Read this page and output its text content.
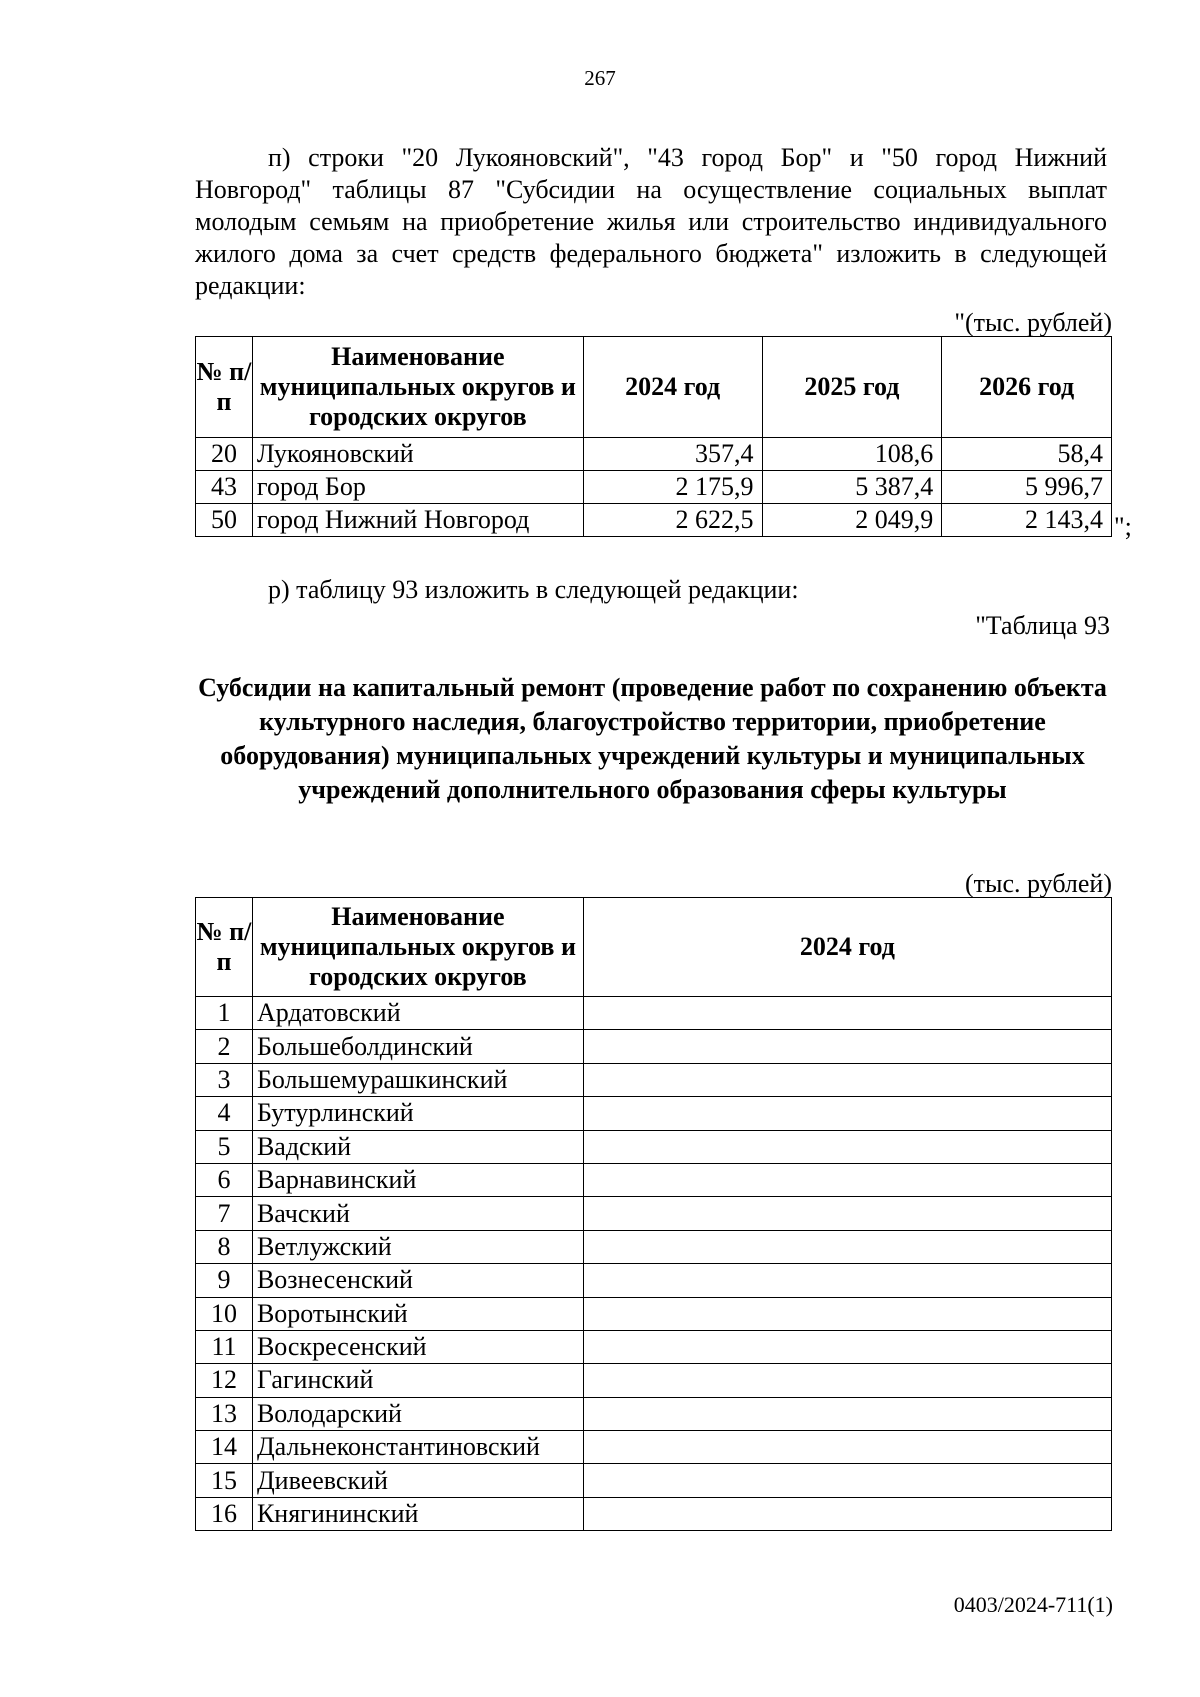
267
п) строки "20 Лукояновский", "43 город Бор" и "50 город Нижний Новгород" таблицы 87 "Субсидии на осуществление социальных выплат молодым семьям на приобретение жилья или строительство индивидуального жилого дома за счет средств федерального бюджета" изложить в следующей редакции:
"(тыс. рублей)
№ п/п	Наименование муниципальных округов и городских округов	2024 год	2025 год	2026 год
20	Лукояновский	357,4	108,6	58,4
43	город Бор	2 175,9	5 387,4	5 996,7
50	город Нижний Новгород	2 622,5	2 049,9	2 143,4 ";
р) таблицу 93 изложить в следующей редакции:
"Таблица 93
Субсидии на капитальный ремонт (проведение работ по сохранению объекта культурного наследия, благоустройство территории, приобретение оборудования) муниципальных учреждений культуры и муниципальных учреждений дополнительного образования сферы культуры
(тыс. рублей)
№ п/п	Наименование муниципальных округов и городских округов	2024 год
1	Ардатовский	
2	Большеболдинский	
3	Большемурашкинский	
4	Бутурлинский	
5	Вадский	
6	Варнавинский	
7	Вачский	
8	Ветлужский	
9	Вознесенский	
10	Воротынский	
11	Воскресенский	
12	Гагинский	
13	Володарский	
14	Дальнеконстантиновский	
15	Дивеевский	
16	Княгининский	
0403/2024-711(1)
